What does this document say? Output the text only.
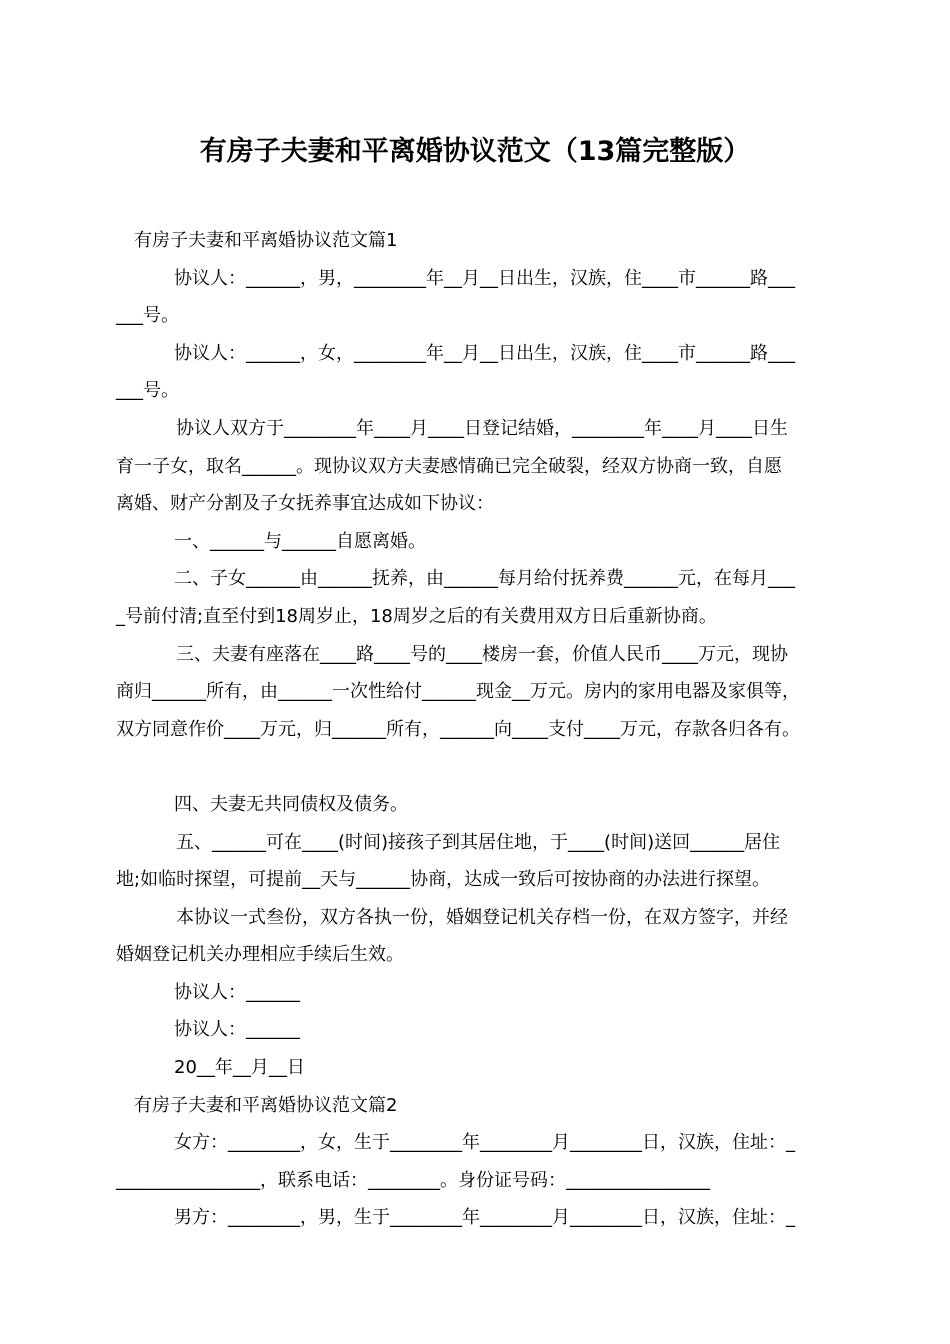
有房子夫妻和平离婚协议范文（13篇完整版）

有房子夫妻和平离婚协议范文篇1

协议人：______，男，________年__月__日出生，汉族，住____市______路___

___号。

协议人：______，女，________年__月__日出生，汉族，住____市______路___

___号。

协议人双方于________年____月____日登记结婚，________年____月____日生

育一子女，取名______。现协议双方夫妻感情确已完全破裂，经双方协商一致，自愿

离婚、财产分割及子女抚养事宜达成如下协议：

一、______与______自愿离婚。

二、子女______由______抚养，由______每月给付抚养费______元，在每月___

_号前付清;直至付到18周岁止，18周岁之后的有关费用双方日后重新协商。

三、夫妻有座落在____路____号的____楼房一套，价值人民币____万元，现协

商归______所有，由______一次性给付______现金__万元。房内的家用电器及家俱等，

双方同意作价____万元，归______所有，______向____支付____万元，存款各归各有。

四、夫妻无共同债权及债务。

五、______可在____(时间)接孩子到其居住地，于____(时间)送回______居住

地;如临时探望，可提前__天与______协商，达成一致后可按协商的办法进行探望。

本协议一式叁份，双方各执一份，婚姻登记机关存档一份，在双方签字，并经

婚姻登记机关办理相应手续后生效。

协议人：______

协议人：______

20__年__月__日

有房子夫妻和平离婚协议范文篇2

女方：________，女，生于________年________月________日，汉族，住址：_

________________，联系电话：________。身份证号码：________________

男方：________，男，生于________年________月________日，汉族，住址：_
